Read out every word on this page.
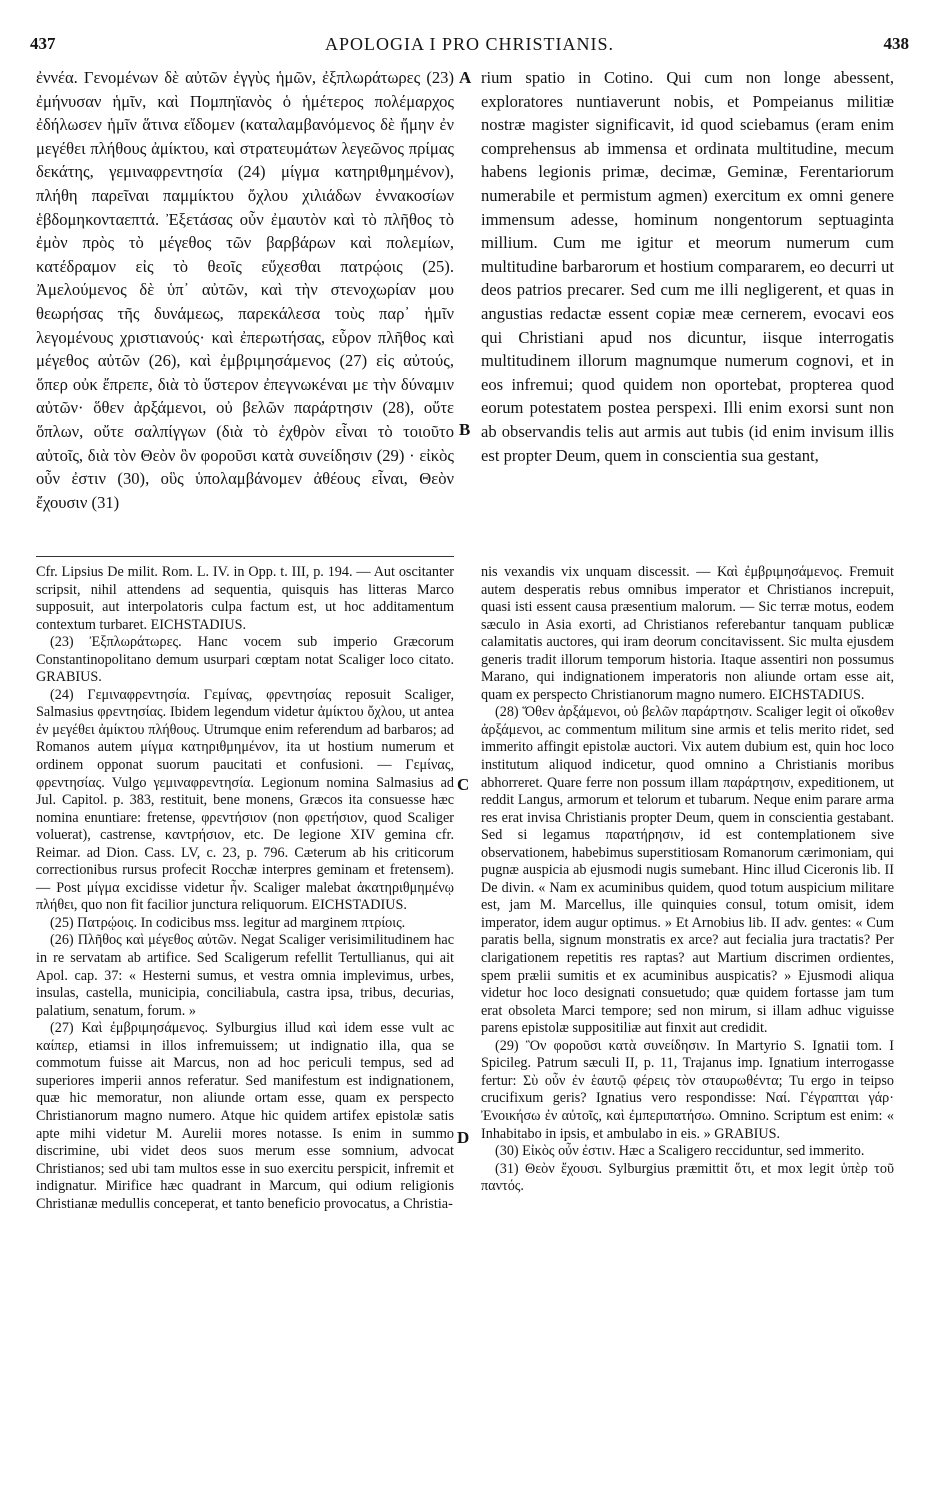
437	APOLOGIA I PRO CHRISTIANIS.	438
A
B
C
D

ἐννέα. Γενομένων δὲ αὐτῶν ἐγγὺς ἡμῶν, ἐξπλωράτωρες (23) ἐμήνυσαν ἡμῖν, καὶ Πομπηϊανὸς ὁ ἡμέτερος πολέμαρχος ἐδήλωσεν ἡμῖν ἅτινα εἴδομεν (καταλαμβανόμενος δὲ ἤμην ἐν μεγέθει πλήθους ἀμίκτου, καὶ στρατευμάτων λεγεῶνος πρίμας δεκάτης, γεμιναφρεντησία (24) μίγμα κατηριθμημένον), πλήθη παρεῖναι παμμίκτου ὄχλου χιλιάδων ἐννακοσίων ἑβδομηκονταεπτά. Ἐξετάσας οὖν ἐμαυτὸν καὶ τὸ πλῆθος τὸ ἐμὸν πρὸς τὸ μέγεθος τῶν βαρβάρων καὶ πολεμίων, κατέδραμον εἰς τὸ θεοῖς εὔχεσθαι πατρῴοις (25). Ἀμελούμενος δὲ ὑπ᾽ αὐτῶν, καὶ τὴν στενοχωρίαν μου θεωρήσας τῆς δυνάμεως, παρεκάλεσα τοὺς παρ᾽ ἡμῖν λεγομένους χριστιανούς· καὶ ἐπερωτήσας, εὗρον πλῆθος καὶ μέγεθος αὐτῶν (26), καὶ ἐμβριμησάμενος (27) εἰς αὐτούς, ὅπερ οὐκ ἔπρεπε, διὰ τὸ ὕστερον ἐπεγνωκέναι με τὴν δύναμιν αὐτῶν· ὅθεν ἀρξάμενοι, οὐ βελῶν παράρτησιν (28), οὔτε ὅπλων, οὔτε σαλπίγγων (διὰ τὸ ἐχθρὸν εἶναι τὸ τοιοῦτο αὐτοῖς, διὰ τὸν Θεὸν ὃν φοροῦσι κατὰ συνείδησιν (29) · εἰκὸς οὖν ἐστιν (30), οὓς ὑπολαμβάνομεν ἀθέους εἶναι, Θεὸν ἔχουσιν (31)

rium spatio in Cotino. Qui cum non longe abessent, exploratores nuntiaverunt nobis, et Pompeianus militiæ nostræ magister significavit, id quod sciebamus (eram enim comprehensus ab immensa et ordinata multitudine, mecum habens legionis primæ, decimæ, Geminæ, Ferentariorum numerabile et permistum agmen) exercitum ex omni genere immensum adesse, hominum nongentorum septuaginta millium. Cum me igitur et meorum numerum cum multitudine barbarorum et hostium compararem, eo decurri ut deos patrios precarer. Sed cum me illi negligerent, et quas in angustias redactæ essent copiæ meæ cernerem, evocavi eos qui Christiani apud nos dicuntur, iisque interrogatis multitudinem illorum magnumque numerum cognovi, et in eos infremui; quod quidem non oportebat, propterea quod eorum potestatem postea perspexi. Illi enim exorsi sunt non ab observandis telis aut armis aut tubis (id enim invisum illis est propter Deum, quem in conscientia sua gestant,

Cfr. Lipsius De milit. Rom. L. IV. in Opp. t. III, p. 194. — Aut oscitanter scripsit, nihil attendens ad sequentia, quisquis has litteras Marco supposuit, aut interpolatoris culpa factum est, ut hoc additamentum contextum turbaret. EICHSTADIUS.

(23) Ἐξπλωράτωρες. Hanc vocem sub imperio Græcorum Constantinopolitano demum usurpari cœptam notat Scaliger loco citato. GRABIUS.

(24) Γεμιναφρεντησία. Γεμίνας, φρεντησίας reposuit Scaliger, Salmasius φρεντησίας. Ibidem legendum videtur ἀμίκτου ὄχλου, ut antea ἐν μεγέθει ἀμίκτου πλήθους. Utrumque enim referendum ad barbaros; ad Romanos autem μίγμα κατηριθμημένον, ita ut hostium numerum et ordinem opponat suorum paucitati et confusioni. — Γεμίνας, φρεντησίας. Vulgo γεμιναφρεντησία. Legionum nomina Salmasius ad Jul. Capitol. p. 383, restituit, bene monens, Græcos ita consuesse hæc nomina enuntiare: fretense, φρεντήσιον (non φρετήσιον, quod Scaliger voluerat), castrense, καντρήσιον, etc. De legione XIV gemina cfr. Reimar. ad Dion. Cass. LV, c. 23, p. 796. Cæterum ab his criticorum correctionibus rursus profecit Rocchæ interpres geminam et fretensem). — Post μίγμα excidisse videtur ἦν. Scaliger malebat ἀκατηριθμημένῳ πλήθει, quo non fit facilior junctura reliquorum. EICHSTADIUS.

(25) Πατρῴοις. In codicibus mss. legitur ad marginem πτρίοις.

(26) Πλῆθος καὶ μέγεθος αὐτῶν. Negat Scaliger verisimilitudinem hac in re servatam ab artifice. Sed Scaligerum refellit Tertullianus, qui ait Apol. cap. 37: « Hesterni sumus, et vestra omnia implevimus, urbes, insulas, castella, municipia, conciliabula, castra ipsa, tribus, decurias, palatium, senatum, forum. »

(27) Καὶ ἐμβριμησάμενος. Sylburgius illud καὶ idem esse vult ac καίπερ, etiamsi in illos infremuissem; ut indignatio illa, qua se commotum fuisse ait Marcus, non ad hoc periculi tempus, sed ad superiores imperii annos referatur. Sed manifestum est indignationem, quæ hic memoratur, non aliunde ortam esse, quam ex perspecto Christianorum magno numero. Atque hic quidem artifex epistolæ satis apte mihi videtur M. Aurelii mores notasse. Is enim in summo discrimine, ubi videt deos suos merum esse somnium, advocat Christianos; sed ubi tam multos esse in suo exercitu perspicit, infremit et indignatur. Mirifice hæc quadrant in Marcum, qui odium religionis Christianæ medullis conceperat, et tanto beneficio provocatus, a Christia-

nis vexandis vix unquam discessit. — Καὶ ἐμβριμησάμενος. Fremuit autem desperatis rebus omnibus imperator et Christianos increpuit, quasi isti essent causa præsentium malorum. — Sic terræ motus, eodem sæculo in Asia exorti, ad Christianos referebantur tanquam publicæ calamitatis auctores, qui iram deorum concitavissent. Sic multa ejusdem generis tradit illorum temporum historia. Itaque assentiri non possumus Marano, qui indignationem imperatoris non aliunde ortam esse ait, quam ex perspecto Christianorum magno numero. EICHSTADIUS.

(28) Ὅθεν ἀρξάμενοι, οὐ βελῶν παράρτησιν. Scaliger legit οἱ οἴκοθεν ἀρξάμενοι, ac commentum militum sine armis et telis merito ridet, sed immerito affingit epistolæ auctori. Vix autem dubium est, quin hoc loco institutum aliquod indicetur, quod omnino a Christianis moribus abhorreret. Quare ferre non possum illam παράρτησιν, expeditionem, ut reddit Langus, armorum et telorum et tubarum. Neque enim parare arma res erat invisa Christianis propter Deum, quem in conscientia gestabant. Sed si legamus παρατήρησιν, id est contemplationem sive observationem, habebimus superstitiosam Romanorum cærimoniam, qui pugnæ auspicia ab ejusmodi nugis sumebant. Hinc illud Ciceronis lib. II De divin. « Nam ex acuminibus quidem, quod totum auspicium militare est, jam M. Marcellus, ille quinquies consul, totum omisit, idem imperator, idem augur optimus. » Et Arnobius lib. II adv. gentes: « Cum paratis bella, signum monstratis ex arce? aut fecialia jura tractatis? Per clarigationem repetitis res raptas? aut Martium discrimen ordientes, spem prælii sumitis et ex acuminibus auspicatis? » Ejusmodi aliqua videtur hoc loco designati consuetudo; quæ quidem fortasse jam tum erat obsoleta Marci tempore; sed non mirum, si illam adhuc viguisse parens epistolæ suppositiliæ aut finxit aut credidit.

(29) Ὃν φοροῦσι κατὰ συνείδησιν. In Martyrio S. Ignatii tom. I Spicileg. Patrum sæculi II, p. 11, Trajanus imp. Ignatium interrogasse fertur: Σὺ οὖν ἐν ἑαυτῷ φέρεις τὸν σταυρωθέντα; Tu ergo in teipso crucifixum geris? Ignatius vero respondisse: Ναί. Γέγραπται γάρ· Ἐνοικήσω ἐν αὐτοῖς, καὶ ἐμπεριπατήσω. Omnino. Scriptum est enim: « Inhabitabo in ipsis, et ambulabo in eis. » GRABIUS.

(30) Εἰκὸς οὖν ἐστιν. Hæc a Scaligero recciduntur, sed immerito.

(31) Θεὸν ἔχουσι. Sylburgius præmittit ὅτι, et mox legit ὑπὲρ τοῦ παντός.
